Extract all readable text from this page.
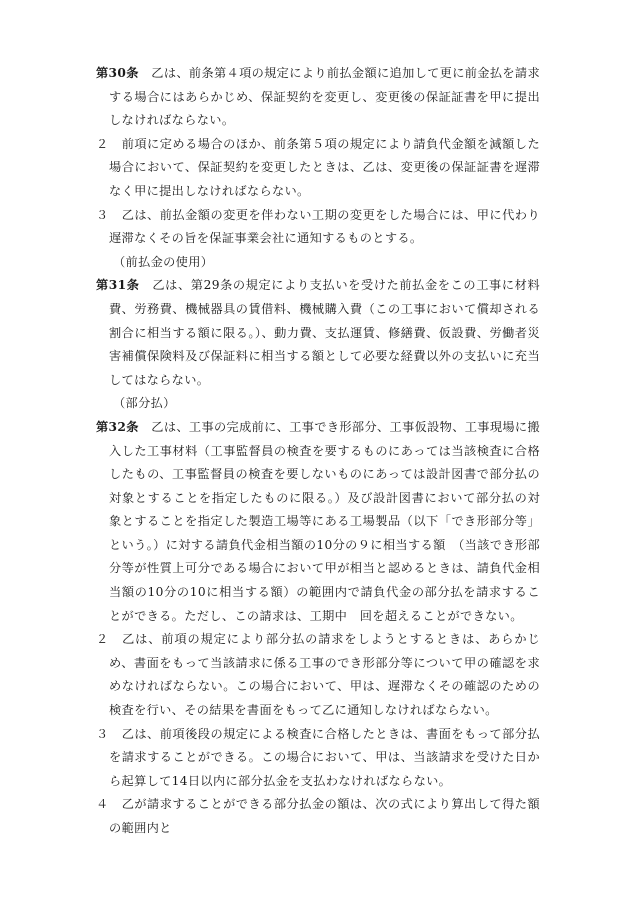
第30条　 乙は、前条第４項の規定により前払金額に追加して更に前金払を請求する場合にはあらかじめ、保証契約を変更し、変更後の保証証書を甲に提出しなければならない。

２
　 前項に定める場合のほか、前条第５項の規定により請負代金額を減額した場合において、保証契約を変更したときは、乙は、変更後の保証証書を遅滞なく甲に提出しなければならない。

３
　 乙は、前払金額の変更を伴わない工期の変更をした場合には、甲に代わり遅滞なくその旨を保証事業会社に通知するものとする。

（前払金の使用）

第31条　 乙は、第29条の規定により支払いを受けた前払金をこの工事に材料費、労務費、機械器具の賃借料、機械購入費（この工事において償却される割合に相当する額に限る。）、動力費、支払運賃、修繕費、仮設費、労働者災害補償保険料及び保証料に相当する額として必要な経費以外の支払いに充当してはならない。

（部分払）

第32条　 乙は、工事の完成前に、工事でき形部分、工事仮設物、工事現場に搬入した工事材料（工事監督員の検査を要するものにあっては当該検査に合格したもの、工事監督員の検査を要しないものにあっては設計図書で部分払の対象とすることを指定したものに限る。）及び設計図書において部分払の対象とすることを指定した製造工場等にある工場製品（以下「でき形部分等」という。）に対する請負代金相当額の10分の９に相当する額　（当該でき形部分等が性質上可分である場合において甲が相当と認めるときは、請負代金相当額の10分の10に相当する額）の範囲内で請負代金の部分払を請求することができる。ただし、この請求は、工期中　回を超えることができない。

２
　 乙は、前項の規定により部分払の請求をしようとするときは、あらかじめ、書面をもって当該請求に係る工事のでき形部分等について甲の確認を求めなければならない。この場合において、甲は、遅滞なくその確認のための検査を行い、その結果を書面をもって乙に通知しなければならない。

３
　 乙は、前項後段の規定による検査に合格したときは、書面をもって部分払を請求することができる。この場合において、甲は、当該請求を受けた日から起算して14日以内に部分払金を支払わなければならない。

４
　 乙が請求することができる部分払金の額は、次の式により算出して得た額の範囲内と
